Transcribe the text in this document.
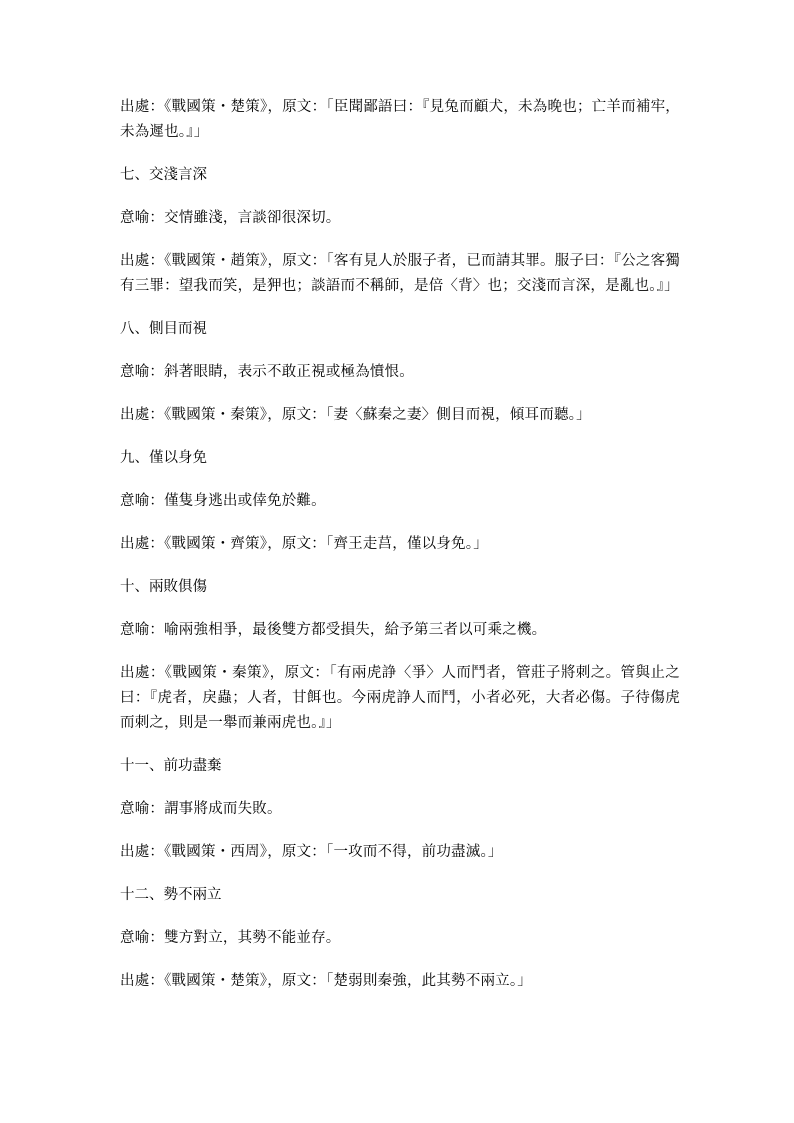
出處：《戰國策・楚策》，原文：「臣聞鄙語曰：『見兔而顧犬，未為晚也；亡羊而補牢，未為遲也。』」

七、交淺言深

意喻：交情雖淺，言談卻很深切。

出處：《戰國策・趙策》，原文：「客有見人於服子者，已而請其罪。服子曰：『公之客獨有三罪：望我而笑，是狎也；談語而不稱師，是倍〈背〉也；交淺而言深，是亂也。』」

八、側目而視

意喻：斜著眼睛，表示不敢正視或極為憤恨。

出處：《戰國策・秦策》，原文：「妻〈蘇秦之妻〉側目而視，傾耳而聽。」

九、僅以身免

意喻：僅隻身逃出或倖免於難。

出處：《戰國策・齊策》，原文：「齊王走莒，僅以身免。」

十、兩敗俱傷

意喻：喻兩強相爭，最後雙方都受損失，給予第三者以可乘之機。

出處：《戰國策・秦策》，原文：「有兩虎諍〈爭〉人而鬥者，管莊子將刺之。管與止之曰：『虎者，戾蟲；人者，甘餌也。今兩虎諍人而鬥，小者必死，大者必傷。子待傷虎而刺之，則是一舉而兼兩虎也。』」

十一、前功盡棄

意喻：謂事將成而失敗。

出處：《戰國策・西周》，原文：「一攻而不得，前功盡滅。」

十二、勢不兩立

意喻：雙方對立，其勢不能並存。

出處：《戰國策・楚策》，原文：「楚弱則秦強，此其勢不兩立。」
